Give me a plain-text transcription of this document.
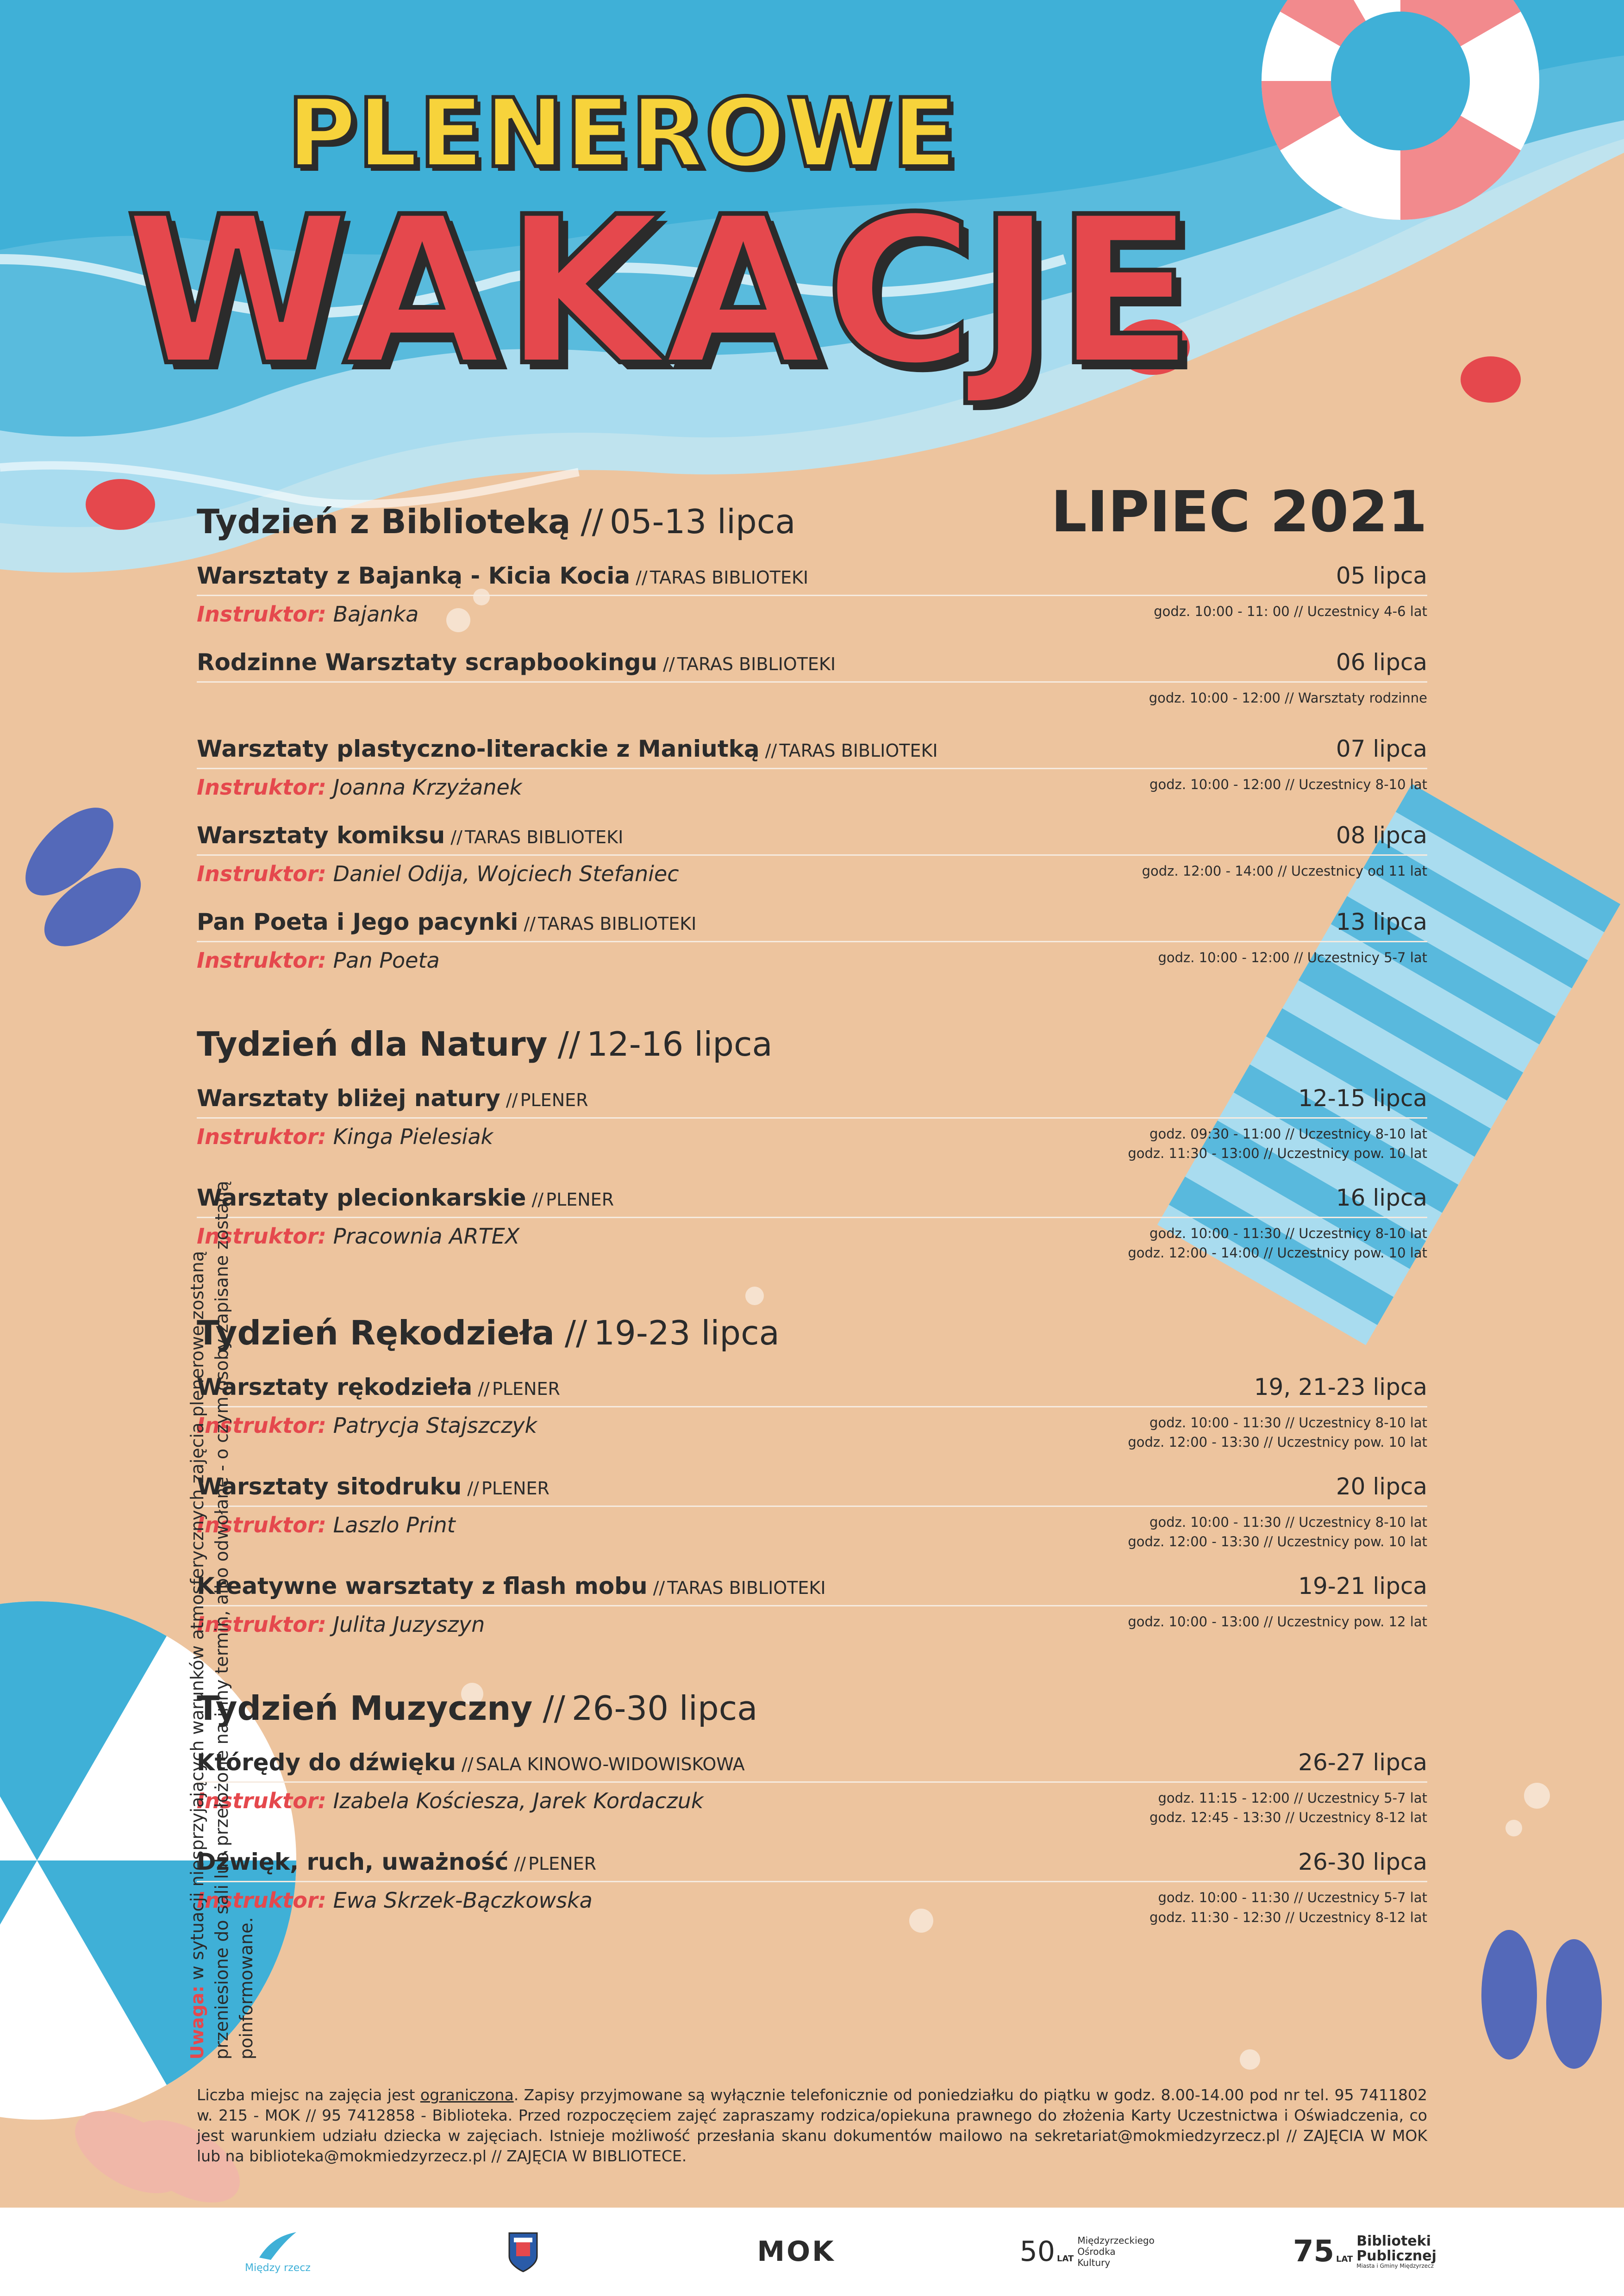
PLENEROWE
WAKACJE
LIPIEC 2021
Tydzień z Biblioteką // 05-13 lipca
Warsztaty z Bajanką - Kicia Kocia // TARAS BIBLIOTEKI	05 lipca
Instruktor: Bajanka	godz. 10:00 - 11: 00 // Uczestnicy 4-6 lat
Rodzinne Warsztaty scrapbookingu // TARAS BIBLIOTEKI	06 lipca
godz. 10:00 - 12:00 // Warsztaty rodzinne
Warsztaty plastyczno-literackie z Maniutką // TARAS BIBLIOTEKI	07 lipca
Instruktor: Joanna Krzyżanek	godz. 10:00 - 12:00 // Uczestnicy 8-10 lat
Warsztaty komiksu // TARAS BIBLIOTEKI	08 lipca
Instruktor: Daniel Odija, Wojciech Stefaniec	godz. 12:00 - 14:00 // Uczestnicy od 11 lat
Pan Poeta i Jego pacynki // TARAS BIBLIOTEKI	13 lipca
Instruktor: Pan Poeta	godz. 10:00 - 12:00 // Uczestnicy 5-7 lat
Tydzień dla Natury // 12-16 lipca
Warsztaty bliżej natury // PLENER	12-15 lipca
Instruktor: Kinga Pielesiak	godz. 09:30 - 11:00 // Uczestnicy 8-10 lat
godz. 11:30 - 13:00 // Uczestnicy pow. 10 lat
Warsztaty plecionkarskie // PLENER	16 lipca
Instruktor: Pracownia ARTEX	godz. 10:00 - 11:30 // Uczestnicy 8-10 lat
godz. 12:00 - 14:00 // Uczestnicy pow. 10 lat
Tydzień Rękodzieła // 19-23 lipca
Warsztaty rękodzieła // PLENER	19, 21-23 lipca
Instruktor: Patrycja Stajszczyk	godz. 10:00 - 11:30 // Uczestnicy 8-10 lat
godz. 12:00 - 13:30 // Uczestnicy pow. 10 lat
Warsztaty sitodruku // PLENER	20 lipca
Instruktor: Laszlo Print	godz. 10:00 - 11:30 // Uczestnicy 8-10 lat
godz. 12:00 - 13:30 // Uczestnicy pow. 10 lat
Kreatywne warsztaty z flash mobu // TARAS BIBLIOTEKI	19-21 lipca
Instruktor: Julita Juzyszyn	godz. 10:00 - 13:00 // Uczestnicy pow. 12 lat
Tydzień Muzyczny // 26-30 lipca
Którędy do dźwięku // SALA KINOWO-WIDOWISKOWA	26-27 lipca
Instruktor: Izabela Kościesza, Jarek Kordaczuk	godz. 11:15 - 12:00 // Uczestnicy 5-7 lat
godz. 12:45 - 13:30 // Uczestnicy 8-12 lat
Dźwięk, ruch, uważność // PLENER	26-30 lipca
Instruktor: Ewa Skrzek-Bączkowska	godz. 10:00 - 11:30 // Uczestnicy 5-7 lat
godz. 11:30 - 12:30 // Uczestnicy 8-12 lat
Liczba miejsc na zajęcia jest ograniczona. Zapisy przyjmowane są wyłącznie telefonicznie od poniedziałku do piątku w godz. 8.00-14.00 pod nr tel. 95 7411802 w. 215 - MOK // 95 7412858 - Biblioteka. Przed rozpoczęciem zajęć zapraszamy rodzica/opiekuna prawnego do złożenia Karty Uczestnictwa i Oświadczenia, co jest warunkiem udziału dziecka w zajęciach. Istnieje możliwość przesłania skanu dokumentów mailowo na sekretariat@mokmiedzyrzecz.pl // ZAJĘCIA W MOK lub na biblioteka@mokmiedzyrzecz.pl // ZAJĘCIA W BIBLIOTECE.
Uwaga: w sytuacji niesprzyjających warunków atmosferycznych zajęcia plenerowe zostaną przeniesione do sali lub przełożone na inny termin, albo odwołane - o czym osoby zapisane zostaną poinformowane.
Między rzecz	MOK	50 LAT
Międzyrzeckiego Ośrodka Kultury	75 LAT
Biblioteki Publicznej
Miasta i Gminy Międzyrzecz
